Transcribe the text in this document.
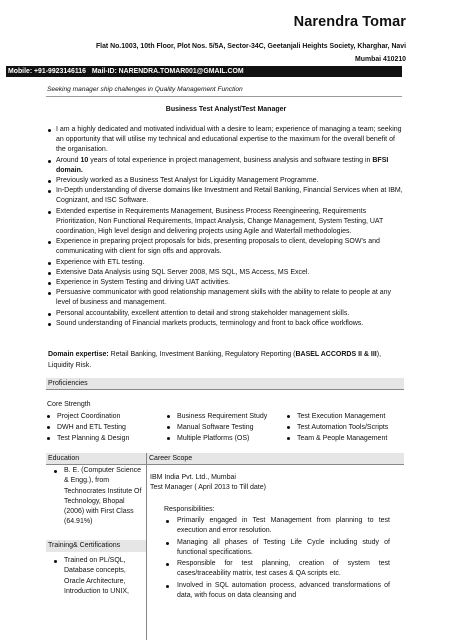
Narendra Tomar
Flat No.1003, 10th Floor, Plot Nos. 5/5A, Sector-34C, Geetanjali Heights Society, Kharghar, Navi
Mumbai 410210
Mobile: +91-9923146116 Mail-ID: NARENDRA.TOMAR001@GMAIL.COM
Seeking manager ship challenges in Quality Management Function
Business Test Analyst/Test Manager
I am a highly dedicated and motivated individual with a desire to learn; experience of managing a team; seeking an opportunity that will utilise my technical and educational expertise to the maximum for the overall benefit of the organisation.
Around 10 years of total experience in project management, business analysis and software testing in BFSI domain.
Previously worked as a Business Test Analyst for Liquidity Management Programme.
In-Depth understanding of diverse domains like Investment and Retail Banking, Financial Services when at IBM, Cognizant, and ISC Software.
Extended expertise in Requirements Management, Business Process Reengineering, Requirements Prioritization, Non Functional Requirements, Impact Analysis, Change Management, System Testing, UAT coordination, High level design and delivering projects using Agile and Waterfall methodologies.
Experience in preparing project proposals for bids, presenting proposals to client, developing SOW's and communicating with client for sign offs and approvals.
Experience with ETL testing.
Extensive Data Analysis using SQL Server 2008, MS SQL, MS Access, MS Excel.
Experience in System Testing and driving UAT activities.
Persuasive communicator with good relationship management skills with the ability to relate to people at any level of business and management.
Personal accountability, excellent attention to detail and strong stakeholder management skills.
Sound understanding of Financial markets products, terminology and front to back office workflows.
Domain expertise: Retail Banking, Investment Banking, Regulatory Reporting (BASEL ACCORDS II & III), Liquidity Risk.
Proficiencies
Core Strength
Project Coordination
DWH and ETL Testing
Test Planning & Design
Business Requirement Study
Manual Software Testing
Multiple Platforms (OS)
Test Execution Management
Test Automation Tools/Scripts
Team & People Management
Education	Career Scope
B. E. (Computer Science & Engg.), from Technocrates Institute Of Technology, Bhopal (2006) with First Class (64.91%)
Training& Certifications
Trained on PL/SQL, Database concepts, Oracle Architecture, Introduction to UNIX,
IBM India Pvt. Ltd., Mumbai
Test Manager ( April 2013 to Till date)
Responsibilities:
Primarily engaged in Test Management from planning to test execution and error resolution.
Managing all phases of Testing Life Cycle including study of functional specifications.
Responsible for test planning, creation of system test cases/traceability matrix, test cases & QA scripts etc.
Involved in SQL automation process, advanced transformations of data, with focus on data cleansing and
